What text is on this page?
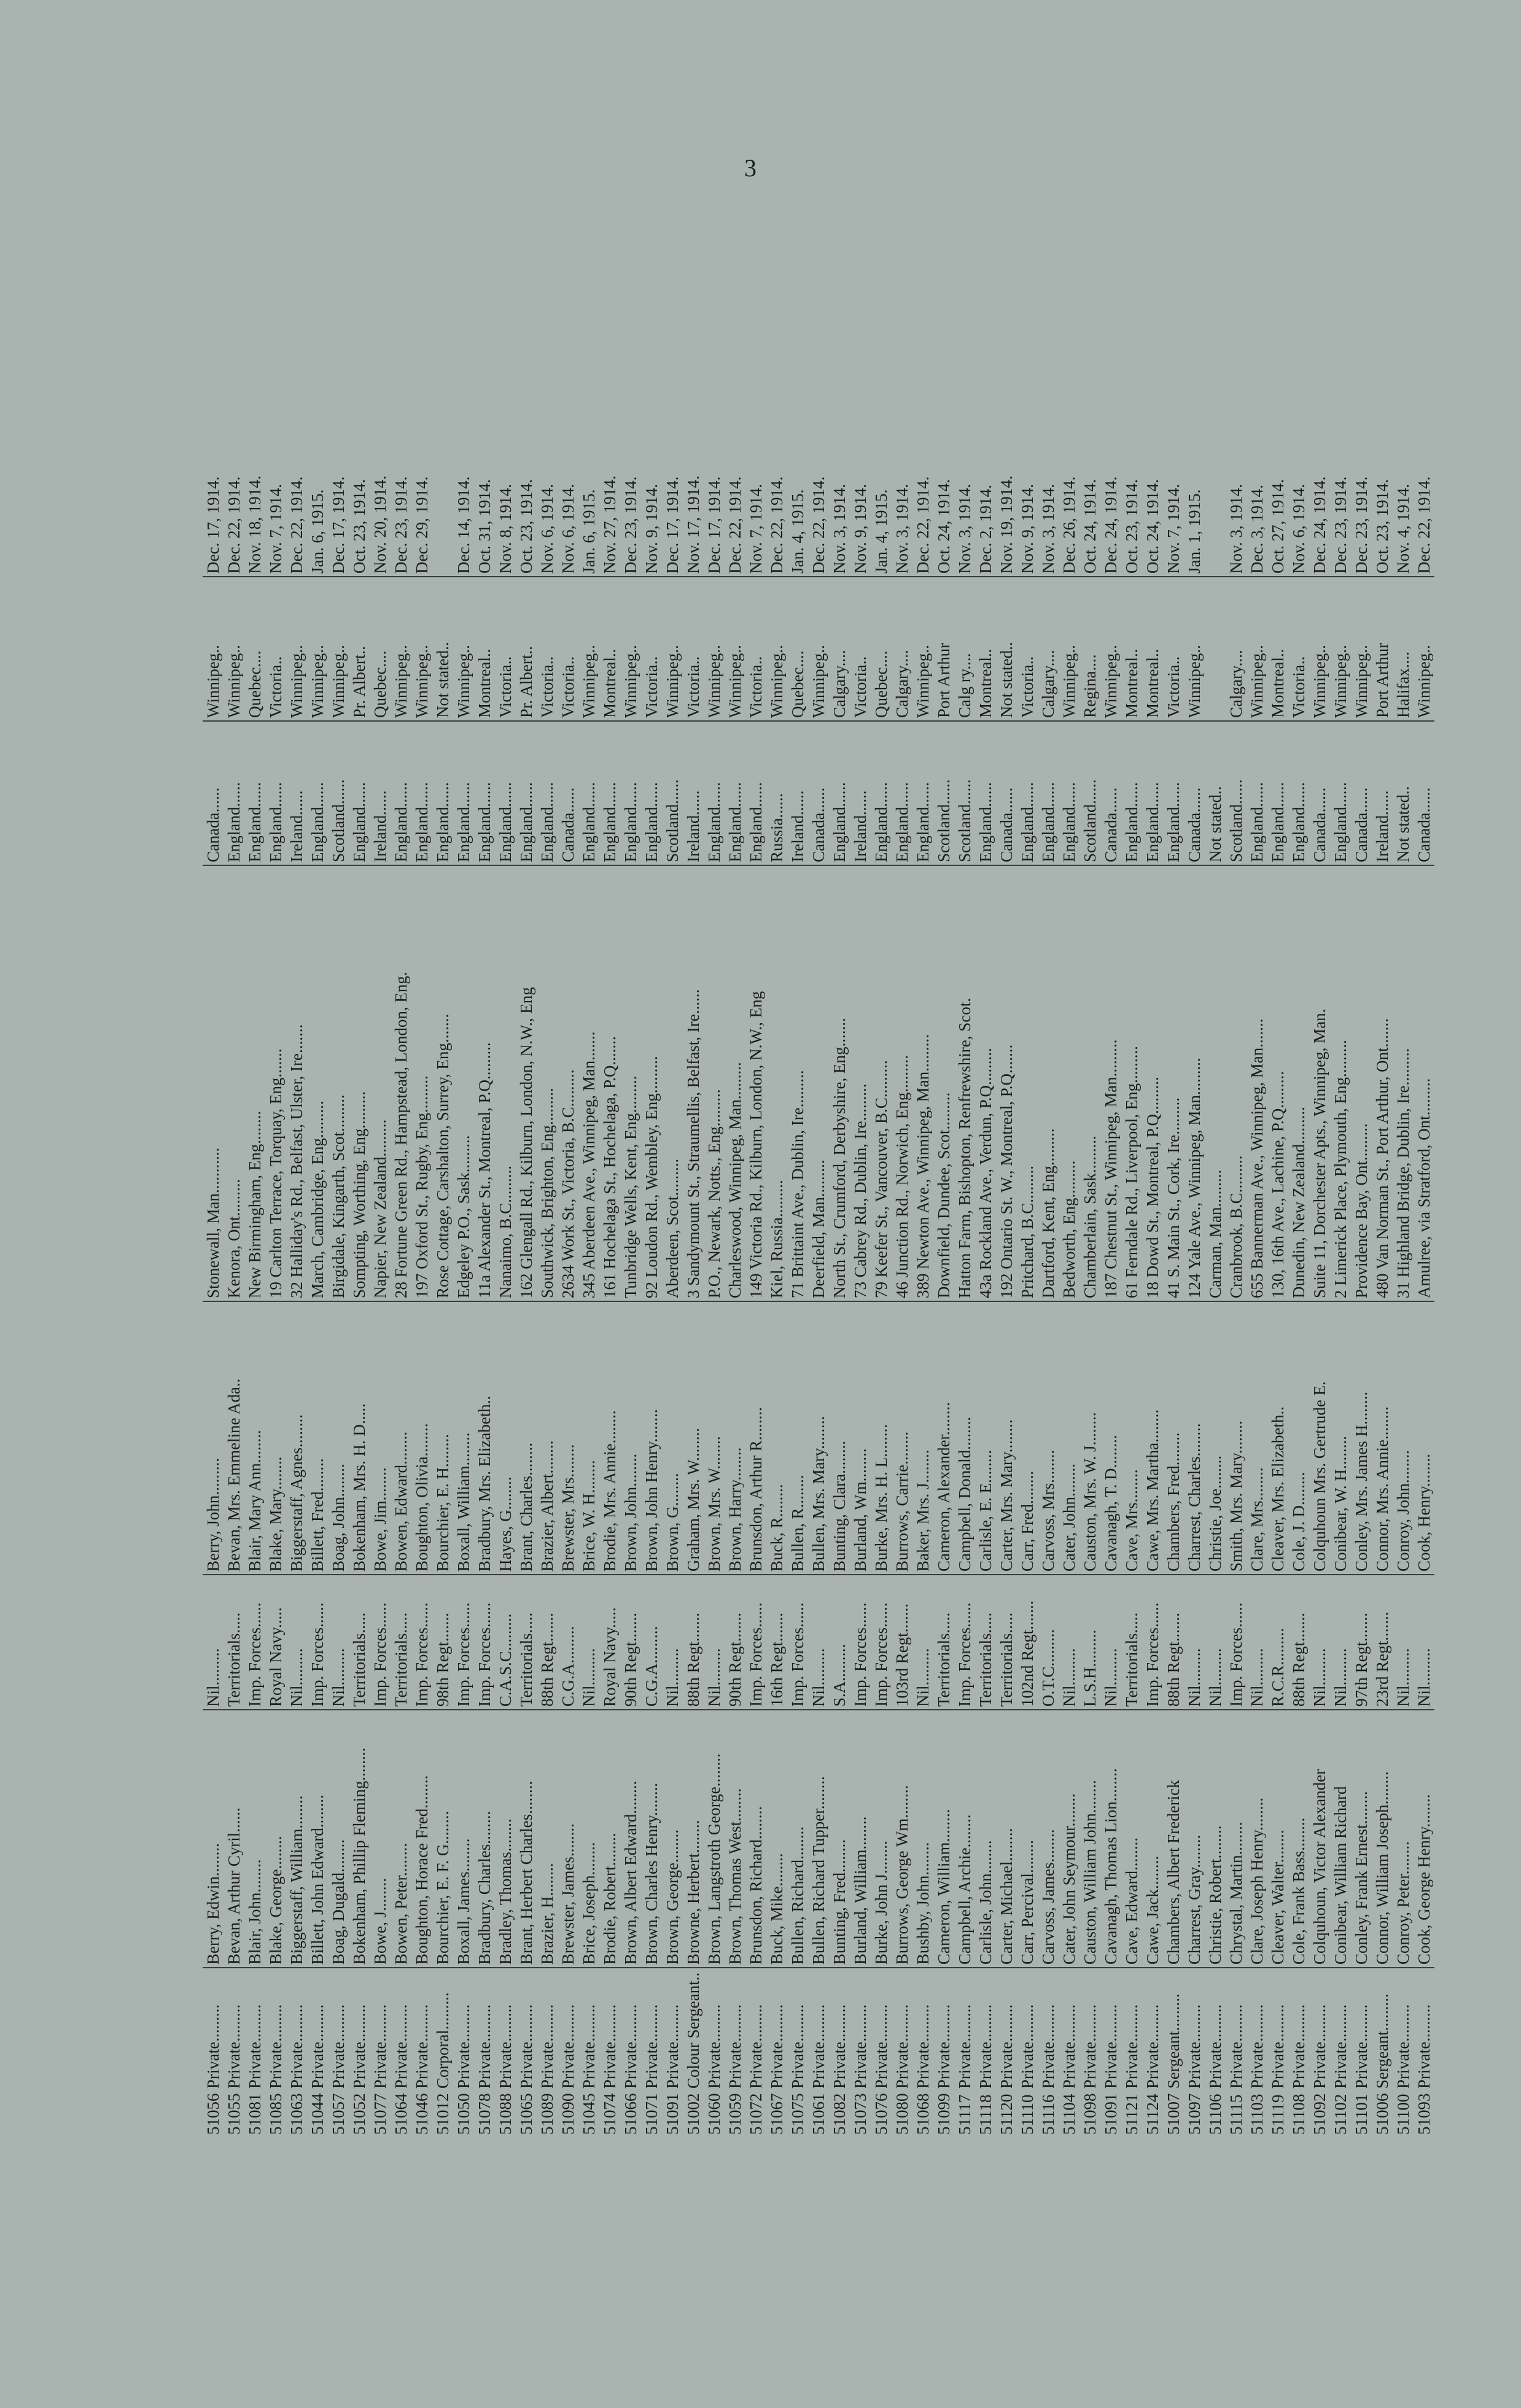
3
51056
Private.........
Berry, Edwin........
Nil.........
Berry, John.........
Stonewall, Man...........
Canada......
Winnipeg..
Dec. 17, 1914.
51055
Private.........
Bevan, Arthur Cyril......
Territorials.....
Bevan, Mrs. Emmeline Ada..
Kenora, Ont.........
England......
Winnipeg..
Dec. 22, 1914.
51081
Private.........
Blair, John........
Imp. Forces......
Blair, Mary Ann........
New Birmingham, Eng........
England......
Quebec....
Nov. 18, 1914.
51085
Private.........
Blake, George........
Royal Navy.....
Blake, Mary........
19 Carlton Terrace, Torquay, Eng.......
England......
Victoria..
Nov. 7, 1914.
51063
Private.........
Biggerstaff, William........
Nil.........
Biggerstaff, Agnes........
32 Halliday's Rd., Belfast, Ulster, Ire.......
Ireland......
Winnipeg..
Dec. 22, 1914.
51044
Private.........
Billett, John Edward........
Imp. Forces......
Billett, Fred........
March, Cambridge, Eng.........
England......
Winnipeg..
Jan. 6, 1915.
51057
Private.........
Boag, Dugald........
Nil.........
Boag, John........
Birgidale, Kingarth, Scot.........
Scotland......
Winnipeg..
Dec. 17, 1914.
51052
Private.........
Bokenham, Phillip Fleming........
Territorials.....
Bokenham, Mrs. H. D.....
Sompting, Worthing, Eng.........
England......
Pr. Albert..
Oct. 23, 1914.
51077
Private.........
Bowe, J........
Imp. Forces......
Bowe, Jim........
Napier, New Zealand.........
Ireland......
Quebec....
Nov. 20, 1914.
51064
Private.........
Bowen, Peter........
Territorials.....
Bowen, Edward........
28 Fortune Green Rd., Hampstead, London, Eng.
England......
Winnipeg..
Dec. 23, 1914.
51046
Private.........
Boughton, Horace Fred........
Imp. Forces......
Boughton, Olivia........
197 Oxford St., Rugby, Eng.........
England......
Winnipeg..
Dec. 29, 1914.
51012
Corporal.........
Bourchier, E. F. G........
98th Regt.......
Bourchier, E. H........
Rose Cottage, Carshalton, Surrey, Eng.......
England......
Not stated..
51050
Private.........
Boxall, James........
Imp. Forces......
Boxall, William........
Edgeley P.O., Sask.........
England......
Winnipeg..
Dec. 14, 1914.
51078
Private.........
Bradbury, Charles........
Imp. Forces......
Bradbury, Mrs. Elizabeth..
11a Alexander St., Montreal, P.Q.........
England......
Montreal..
Oct. 31, 1914.
51088
Private.........
Bradley, Thomas........
C.A.S.C.........
Hayes, G........
Nanaimo, B.C.........
England......
Victoria..
Nov. 8, 1914.
51065
Private.........
Brant, Herbert Charles........
Territorials.....
Brant, Charles........
162 Glengall Rd., Kilburn, London, N.W., Eng
England......
Pr. Albert..
Oct. 23, 1914.
51089
Private.........
Brazier, H........
88th Regt.......
Brazier, Albert........
Southwick, Brighton, Eng.........
England......
Victoria..
Nov. 6, 1914.
51090
Private.........
Brewster, James........
C.G.A.........
Brewster, Mrs........
2634 Work St., Victoria, B.C.........
Canada......
Victoria..
Nov. 6, 1914.
51045
Private.........
Brice, Joseph........
Nil.........
Brice, W. H........
345 Aberdeen Ave., Winnipeg, Man.......
England......
Winnipeg..
Jan. 6, 1915.
51074
Private.........
Brodie, Robert........
Royal Navy.....
Brodie, Mrs. Annie........
161 Hochelaga St., Hochelaga, P.Q.......
England......
Montreal..
Nov. 27, 1914.
51066
Private.........
Brown, Albert Edward........
90th Regt.......
Brown, John........
Tunbridge Wells, Kent, Eng.........
England......
Winnipeg..
Dec. 23, 1914.
51071
Private.........
Brown, Charles Henry........
C.G.A.........
Brown, John Henry........
92 Loudon Rd., Wembley, Eng.........
England......
Victoria..
Nov. 9, 1914.
51091
Private.........
Brown, George........
Nil.........
Brown, G........
Aberdeen, Scot.........
Scotland......
Winnipeg..
Dec. 17, 1914.
51002
Colour Sergeant..
Browne, Herbert........
88th Regt.......
Graham, Mrs. W........
3 Sandymount St., Straumellis, Belfast, Ire......
Ireland......
Victoria..
Nov. 17, 1914.
51060
Private.........
Brown, Langstroth George........
Nil.........
Brown, Mrs. W........
P.O., Newark, Notts., Eng.........
England......
Winnipeg..
Dec. 17, 1914.
51059
Private.........
Brown, Thomas West........
90th Regt.......
Brown, Harry........
Charleswood, Winnipeg, Man.........
England......
Winnipeg..
Dec. 22, 1914.
51072
Private.........
Brunsdon, Richard........
Imp. Forces......
Brunsdon, Arthur R........
149 Victoria Rd., Kilburn, London, N.W., Eng
England......
Victoria..
Nov. 7, 1914.
51067
Private.........
Buck, Mike........
16th Regt.......
Buck, R........
Kiel, Russia.........
Russia......
Winnipeg..
Dec. 22, 1914.
51075
Private.........
Bullen, Richard........
Imp. Forces......
Bullen, R........
71 Brittaint Ave., Dublin, Ire.........
Ireland......
Quebec....
Jan. 4, 1915.
51061
Private.........
Bullen, Richard Tupper........
Nil.........
Bullen, Mrs. Mary........
Deerfield, Man.........
Canada......
Winnipeg..
Dec. 22, 1914.
51082
Private.........
Bunting, Fred........
S.A.........
Bunting, Clara........
North St., Crumford, Derbyshire, Eng.......
England......
Calgary....
Nov. 3, 1914.
51073
Private.........
Burland, William........
Imp. Forces......
Burland, Wm........
73 Cabrey Rd., Dublin, Ire.........
Ireland......
Victoria..
Nov. 9, 1914.
51076
Private.........
Burke, John J........
Imp. Forces......
Burke, Mrs. H. L........
79 Keefer St., Vancouver, B.C.........
England......
Quebec....
Jan. 4, 1915.
51080
Private.........
Burrows, George Wm........
103rd Regt.......
Burrows, Carrie........
46 Junction Rd., Norwich, Eng.........
England......
Calgary....
Nov. 3, 1914.
51068
Private.........
Bushby, John........
Nil.........
Baker, Mrs. J........
389 Newton Ave., Winnipeg, Man.........
England......
Winnipeg..
Dec. 22, 1914.
51099
Private.........
Cameron, William........
Territorials.....
Cameron, Alexander........
Downfield, Dundee, Scot.........
Scotland......
Port Arthur
Oct. 24, 1914.
51117
Private.........
Campbell, Archie........
Imp. Forces......
Campbell, Donald........
Hatton Farm, Bishopton, Renfrewshire, Scot.
Scotland......
Calg ry....
Nov. 3, 1914.
51118
Private.........
Carlisle, John........
Territorials.....
Carlisle, E. E........
43a Rockland Ave., Verdun, P.Q.........
England......
Montreal..
Dec. 2, 1914.
51120
Private.........
Carter, Michael........
Territorials.....
Carter, Mrs. Mary........
192 Ontario St. W., Montreal, P.Q.......
Canada......
Not stated..
Nov. 19, 1914.
51110
Private.........
Carr, Percival........
102nd Regt.......
Carr, Fred........
Pritchard, B.C.........
England......
Victoria..
Nov. 9, 1914.
51116
Private.........
Carvoss, James........
O.T.C.........
Carvoss, Mrs........
Dartford, Kent, Eng.........
England......
Calgary....
Nov. 3, 1914.
51104
Private.........
Cater, John Seymour........
Nil.........
Cater, John........
Bedworth, Eng.........
England......
Winnipeg..
Dec. 26, 1914.
51098
Private.........
Causton, William John........
L.S.H.........
Causton, Mrs. W. J........
Chamberlain, Sask.........
Scotland......
Regina....
Oct. 24, 1914.
51091
Private.........
Cavanagh, Thomas Lion........
Nil.........
Cavanagh, T. D........
187 Chestnut St., Winnipeg, Man.........
Canada......
Winnipeg..
Dec. 24, 1914.
51121
Private.........
Cave, Edward........
Territorials.....
Cave, Mrs........
61 Ferndale Rd., Liverpool, Eng.........
England......
Montreal..
Oct. 23, 1914.
51124
Private.........
Cawe, Jack........
Imp. Forces......
Cawe, Mrs. Martha........
18 Dowd St., Montreal, P.Q.........
England......
Montreal..
Oct. 24, 1914.
51007
Sergeant.........
Chambers, Albert Frederick
88th Regt.......
Chambers, Fred........
41 S. Main St., Cork, Ire.........
England......
Victoria..
Nov. 7, 1914.
51097
Private.........
Charrest, Gray........
Nil.........
Charrest, Charles........
124 Yale Ave., Winnipeg, Man.........
Canada......
Winnipeg..
Jan. 1, 1915.
51106
Private.........
Christie, Robert........
Nil.........
Christie, Joe........
Carman, Man.........
Not stated..
51115
Private.........
Chrystal, Martin........
Imp. Forces......
Smith, Mrs. Mary........
Cranbrook, B.C.........
Scotland......
Calgary....
Nov. 3, 1914.
51103
Private.........
Clare, Joseph Henry........
Nil.........
Clare, Mrs........
655 Bannerman Ave., Winnipeg, Man.......
England......
Winnipeg..
Dec. 3, 1914.
51119
Private.........
Cleaver, Walter........
R.C.R.........
Cleaver, Mrs. Elizabeth..
130, 16th Ave., Lachine, P.Q.........
England......
Montreal..
Oct. 27, 1914.
51108
Private.........
Cole, Frank Bass........
88th Regt.......
Cole, J. D........
Dunedin, New Zealand.........
England......
Victoria..
Nov. 6, 1914.
51092
Private.........
Colquhoun, Victor Alexander
Nil.........
Colquhoun Mrs. Gertrude E.
Suite 11, Dorchester Apts., Winnipeg, Man.
Canada......
Winnipeg..
Dec. 24, 1914.
51102
Private.........
Conibear, William Richard
Nil.........
Conibear, W. H........
2 Limerick Place, Plymouth, Eng.........
England......
Winnipeg..
Dec. 23, 1914.
51101
Private.........
Conley, Frank Ernest........
97th Regt.......
Conley, Mrs. James H........
Providence Bay, Ont.........
Canada......
Winnipeg..
Dec. 23, 1914.
51006
Sergeant.........
Connor, William Joseph........
23rd Regt.......
Connor, Mrs. Annie........
480 Van Norman St., Port Arthur, Ont.......
Ireland......
Port Arthur
Oct. 23, 1914.
51100
Private.........
Conroy, Peter........
Nil.........
Conroy, John........
31 Highland Bridge, Dublin, Ire.........
Not stated..
Halifax....
Nov. 4, 1914.
51093
Private.........
Cook, George Henry........
Nil.........
Cook, Henry........
Amulree, via Stratford, Ont.........
Canada......
Winnipeg..
Dec. 22, 1914.
